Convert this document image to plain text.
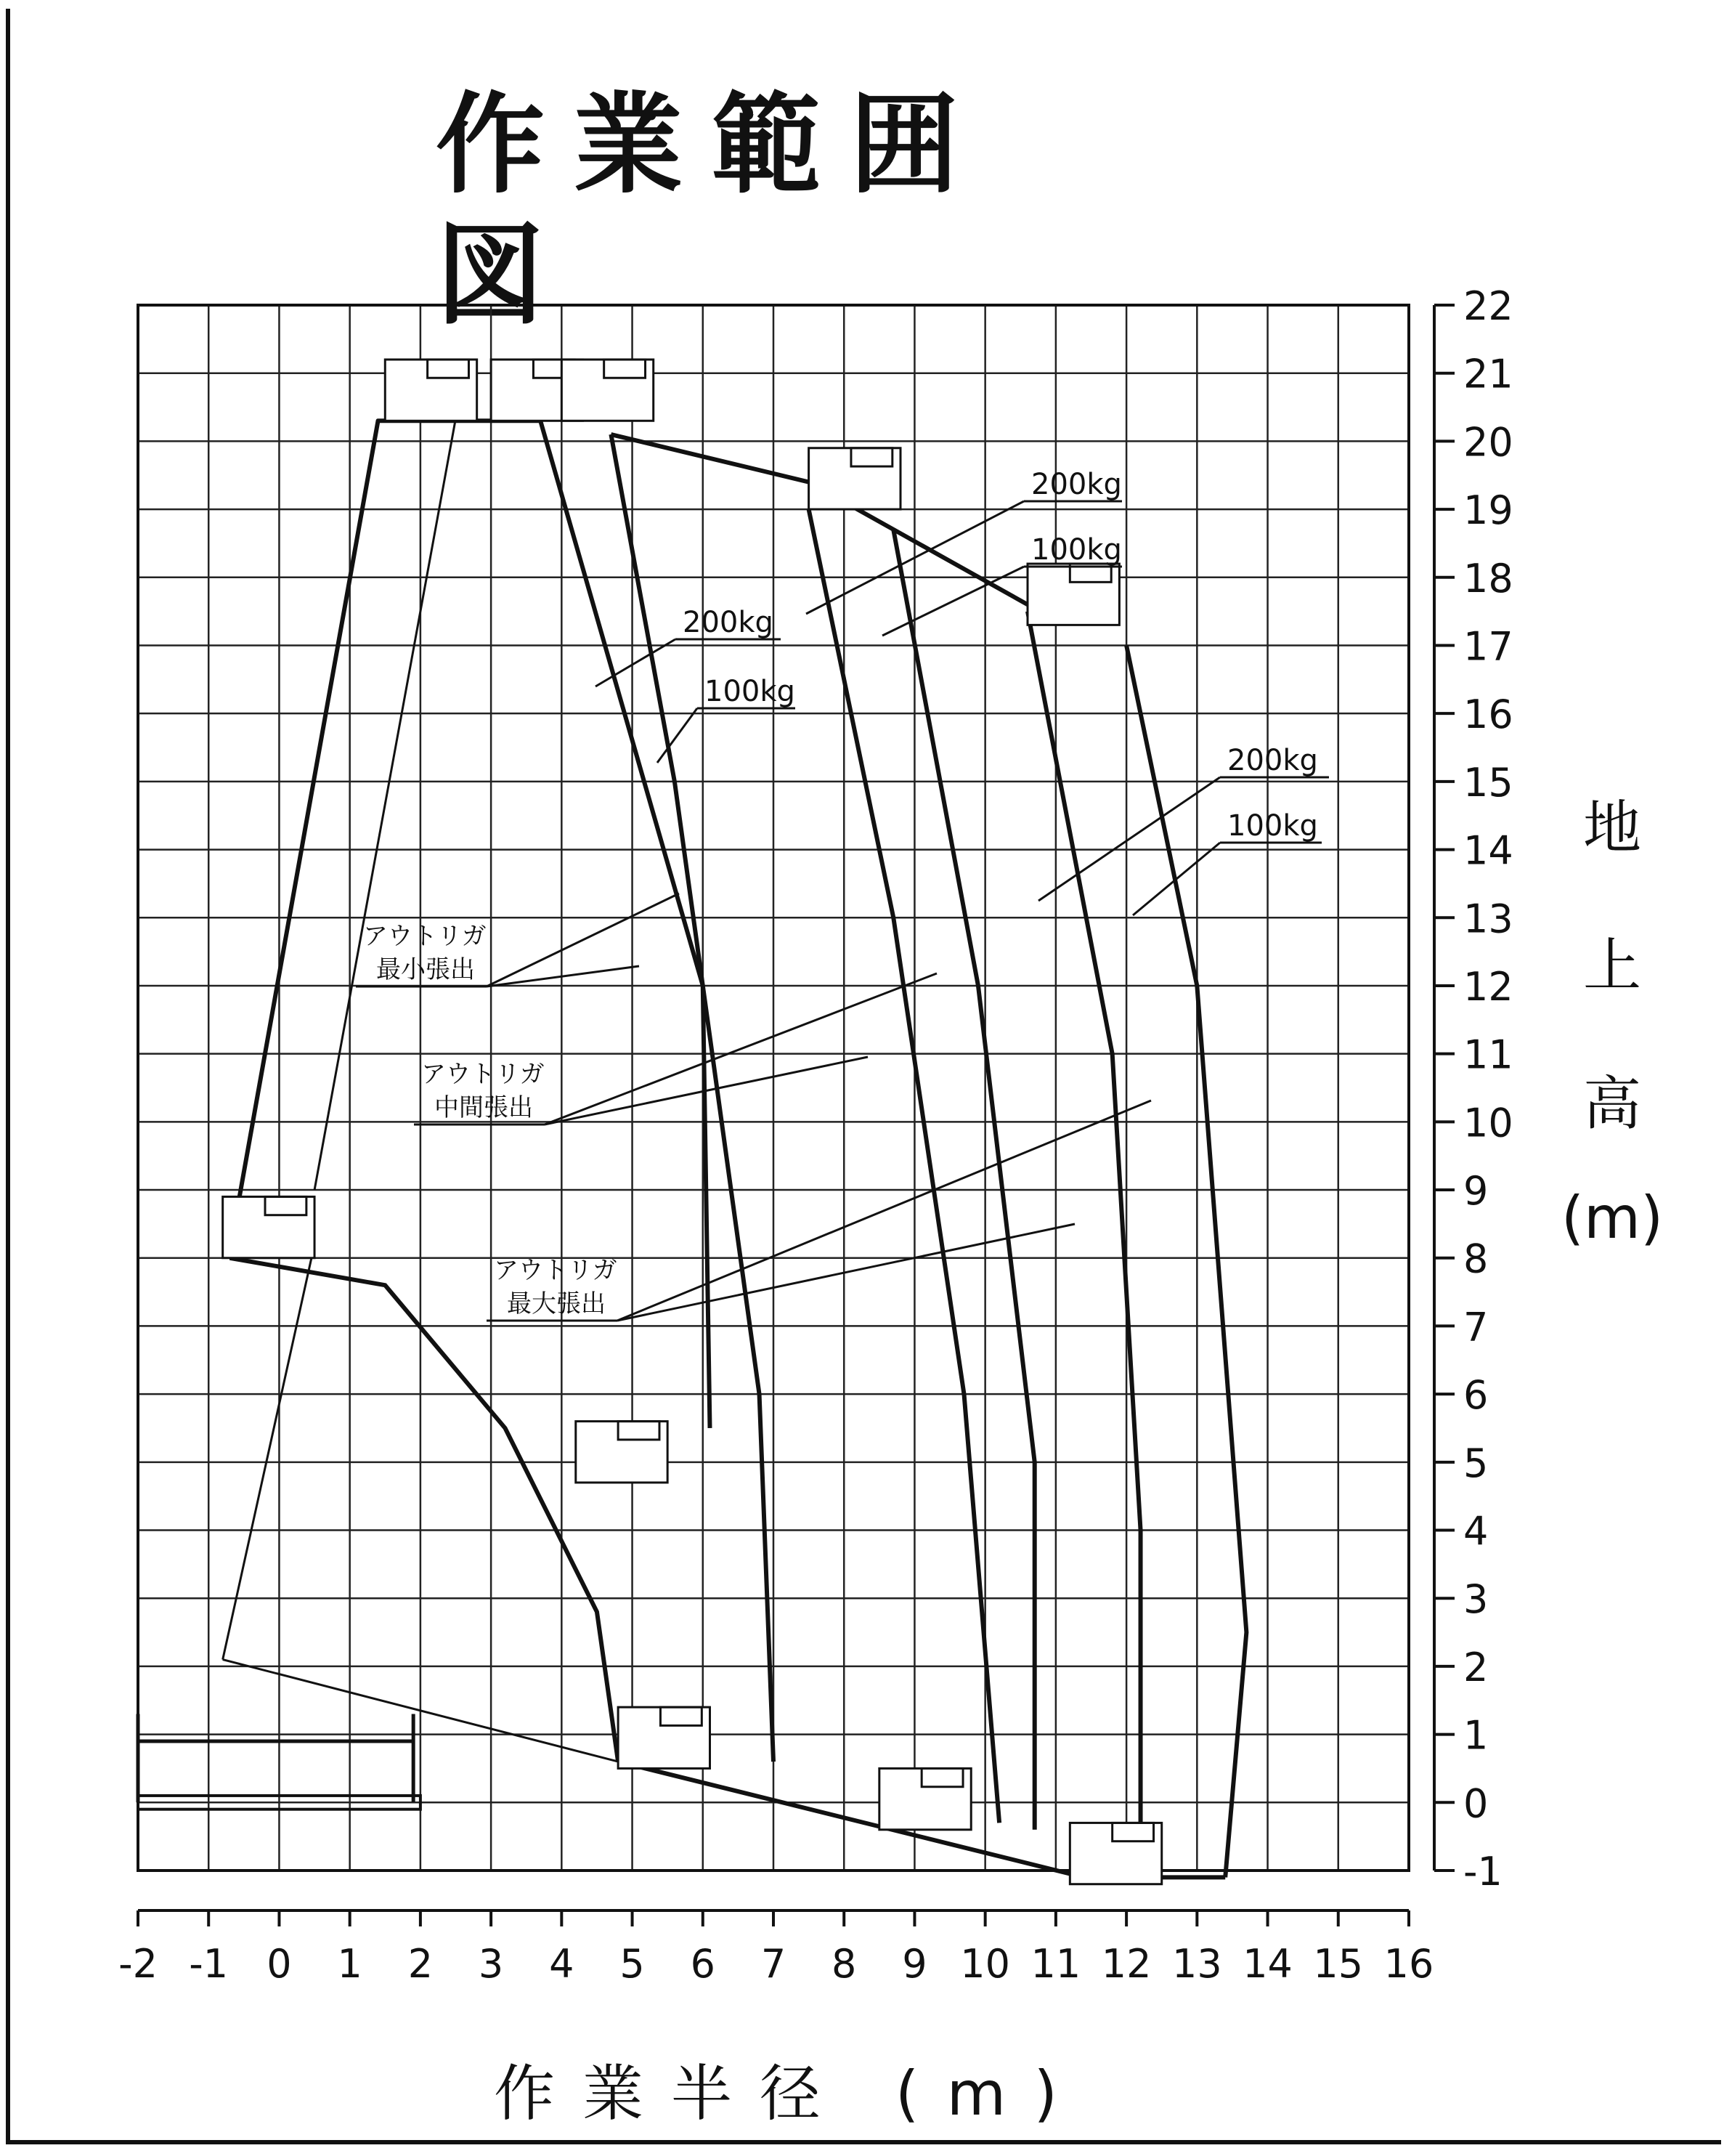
作業範囲図
-2 -1 0 1 2 3 4 5 6 7 8 9 10 11 12 13 14 15 16
-1
0
1
2
3
4
5
6
7
8
9
10
11
12
13
14
15
16
17
18
19
20
21
22
200kg
100kg
200kg
100kg
200kg
100kg
アウトリガ
最小張出
アウトリガ
中間張出
アウトリガ
最大張出
地
上
高
(m)
作業半径 (m)
